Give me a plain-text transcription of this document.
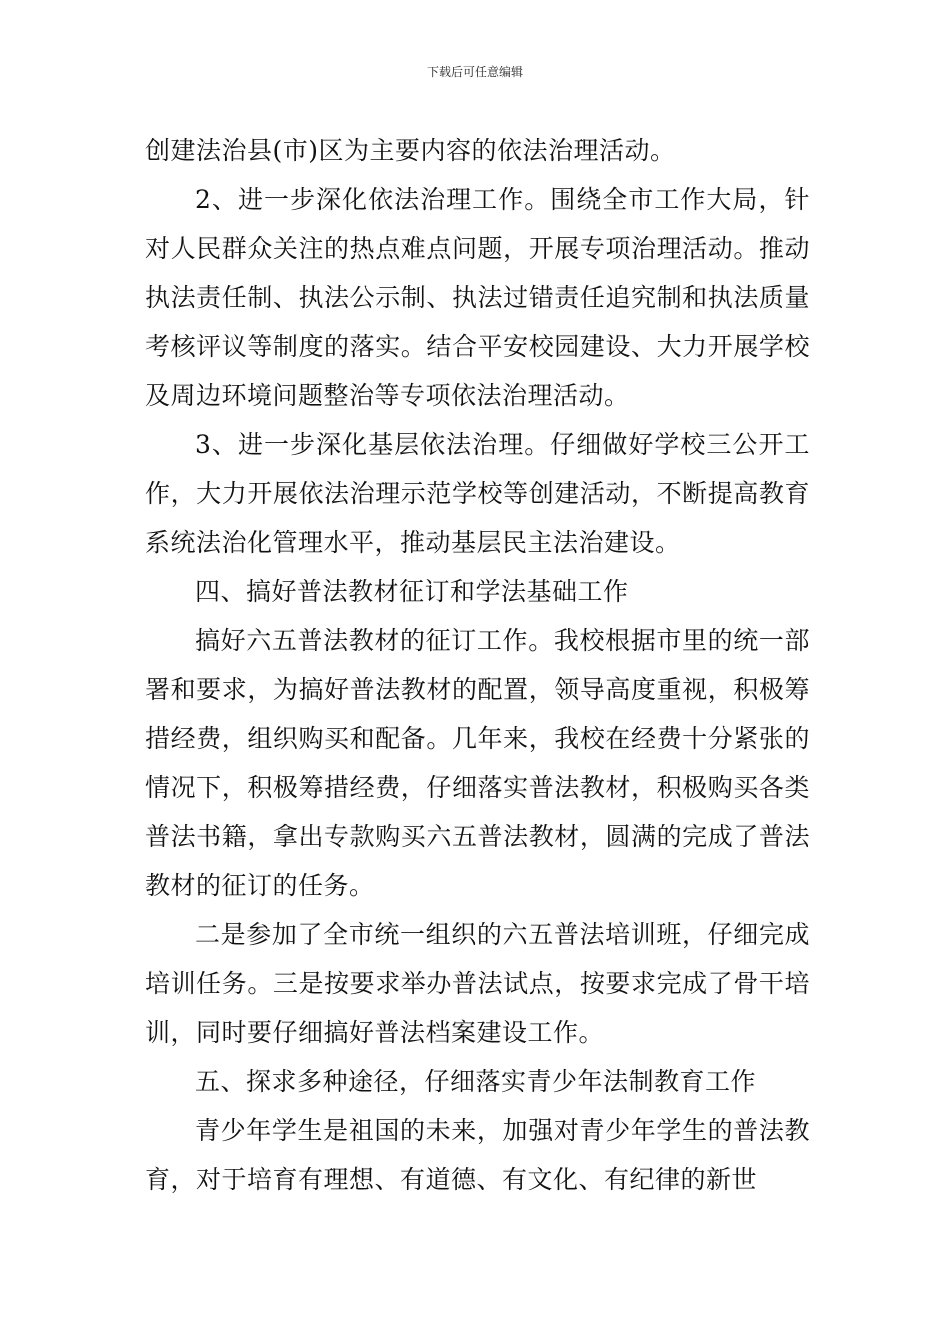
下载后可任意编辑

创建法治县(市)区为主要内容的依法治理活动。

2、进一步深化依法治理工作。围绕全市工作大局，针对人民群众关注的热点难点问题，开展专项治理活动。推动执法责任制、执法公示制、执法过错责任追究制和执法质量考核评议等制度的落实。结合平安校园建设、大力开展学校及周边环境问题整治等专项依法治理活动。

3、进一步深化基层依法治理。仔细做好学校三公开工作，大力开展依法治理示范学校等创建活动，不断提高教育系统法治化管理水平，推动基层民主法治建设。

四、搞好普法教材征订和学法基础工作

搞好六五普法教材的征订工作。我校根据市里的统一部署和要求，为搞好普法教材的配置，领导高度重视，积极筹措经费，组织购买和配备。几年来，我校在经费十分紧张的情况下，积极筹措经费，仔细落实普法教材，积极购买各类普法书籍，拿出专款购买六五普法教材，圆满的完成了普法教材的征订的任务。

二是参加了全市统一组织的六五普法培训班，仔细完成培训任务。三是按要求举办普法试点，按要求完成了骨干培训，同时要仔细搞好普法档案建设工作。

五、探求多种途径，仔细落实青少年法制教育工作

青少年学生是祖国的未来，加强对青少年学生的普法教育，对于培育有理想、有道德、有文化、有纪律的新世
